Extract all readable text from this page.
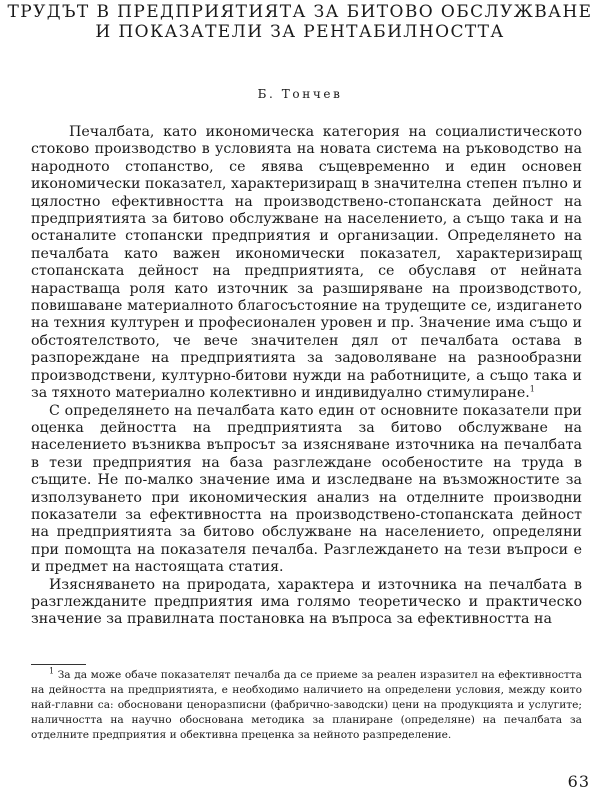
ТРУДЪТ В ПРЕДПРИЯТИЯТА ЗА БИТОВО ОБСЛУЖВАНЕ
И ПОКАЗАТЕЛИ ЗА РЕНТАБИЛНОСТТА
Б. Тончев

Печалбата, като икономическа категория на социалистическото стоково производство в условията на новата система на ръководство на народното стопанство, се явява същевременно и един основен икономически показател, характеризиращ в значителна степен пълно и цялостно ефективността на производствено-стопанската дейност на предприятията за битово обслужване на населението, а също така и на останалите стопански предприятия и организации. Определянето на печалбата като важен икономически показател, характеризиращ стопанската дейност на предприятията, се обуславя от нейната нарастваща роля като източник за разширяване на производството, повишаване материалното благосъстояние на трудещите се, издигането на техния културен и професионален уровен и пр. Значение има също и обстоятелството, че вече значителен дял от печалбата остава в разпореждане на предприятията за задоволяване на разнообразни производствени, културно-битови нужди на работниците, а също така и за тяхното материално колективно и индивидуално стимулиране.$^1$

С определянето на печалбата като един от основните показатели при оценка дейността на предприятията за битово обслужване на населението възниква въпросът за изясняване източника на печалбата в тези предприятия на база разглеждане особеностите на труда в същите. Не по-малко значение има и изследване на възможностите за използуването при икономическия анализ на отделните производни показатели за ефективността на производствено-стопанската дейност на предприятията за битово обслужване на населението, определяни при помощта на показателя печалба. Разглеждането на тези въпроси е и предмет на настоящата статия.

Изясняването на природата, характера и източника на печалбата в разглежданите предприятия има голямо теоретическо и практическо значение за правилната постановка на въпроса за ефективността на

$^1$ За да може обаче показателят печалба да се приеме за реален изразител на ефективността на дейността на предприятията, е необходимо наличието на определени условия, между които най-главни са: обосновани ценоразписни (фабрично-заводски) цени на продукцията и услугите; наличността на научно обоснована методика за планиране (определяне) на печалбата за отделните предприятия и обективна преценка за нейното разпределение.

63
